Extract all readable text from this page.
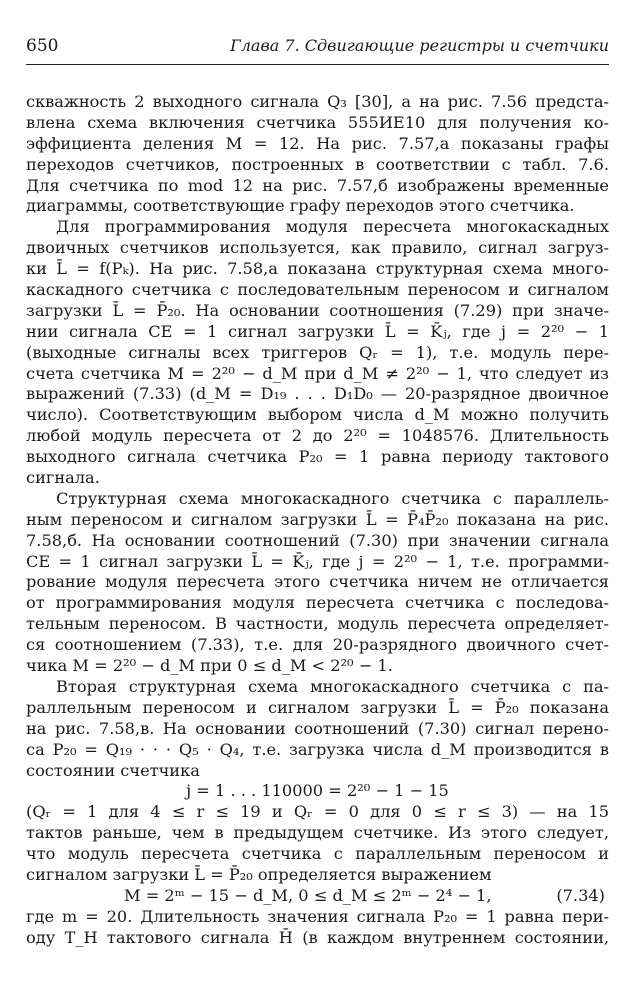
650	Глава 7. Сдвигающие регистры и счетчики
скважность 2 выходного сигнала Q₃ [30], а на рис. 7.56 предста-
влена схема включения счетчика 555ИЕ10 для получения ко-
эффициента деления M = 12. На рис. 7.57,а показаны графы
переходов счетчиков, построенных в соответствии с табл. 7.6.
Для счетчика по mod 12 на рис. 7.57,б изображены временные
диаграммы, соответствующие графу переходов этого счетчика.
Для программирования модуля пересчета многокаскадных
двоичных счетчиков используется, как правило, сигнал загруз-
ки L̄ = f(Pₖ). На рис. 7.58,а показана структурная схема много-
каскадного счетчика с последовательным переносом и сигналом
загрузки L̄ = P̄₂₀. На основании соотношения (7.29) при значе-
нии сигнала CE = 1 сигнал загрузки L̄ = K̄ⱼ, где j = 2²⁰ − 1
(выходные сигналы всех триггеров Qᵣ = 1), т.е. модуль пере-
счета счетчика M = 2²⁰ − d_M при d_M ≠ 2²⁰ − 1, что следует из
выражений (7.33) (d_M = D₁₉ . . . D₁D₀ — 20-разрядное двоичное
число). Соответствующим выбором числа d_M можно получить
любой модуль пересчета от 2 до 2²⁰ = 1048576. Длительность
выходного сигнала счетчика P₂₀ = 1 равна периоду тактового
сигнала.
Структурная схема многокаскадного счетчика с параллель-
ным переносом и сигналом загрузки L̄ = P̄₄P̄₂₀ показана на рис.
7.58,б. На основании соотношений (7.30) при значении сигнала
CE = 1 сигнал загрузки L̄ = K̄ⱼ, где j = 2²⁰ − 1, т.е. программи-
рование модуля пересчета этого счетчика ничем не отличается
от программирования модуля пересчета счетчика с последова-
тельным переносом. В частности, модуль пересчета определяет-
ся соотношением (7.33), т.е. для 20-разрядного двоичного счет-
чика M = 2²⁰ − d_M при 0 ≤ d_M < 2²⁰ − 1.
Вторая структурная схема многокаскадного счетчика с па-
раллельным переносом и сигналом загрузки L̄ = P̄₂₀ показана
на рис. 7.58,в. На основании соотношений (7.30) сигнал перено-
са P₂₀ = Q₁₉ · · · Q₅ · Q₄, т.е. загрузка числа d_M производится в
состоянии счетчика
j = 1 . . . 110000 = 2²⁰ − 1 − 15
(Qᵣ = 1 для 4 ≤ r ≤ 19 и Qᵣ = 0 для 0 ≤ r ≤ 3) — на 15
тактов раньше, чем в предыдущем счетчике. Из этого следует,
что модуль пересчета счетчика с параллельным переносом и
сигналом загрузки L̄ = P̄₂₀ определяется выражением
M = 2ᵐ − 15 − d_M, 0 ≤ d_M ≤ 2ᵐ − 2⁴ − 1,	(7.34)
где m = 20. Длительность значения сигнала P₂₀ = 1 равна пери-
оду T_H тактового сигнала H̄ (в каждом внутреннем состоянии,
